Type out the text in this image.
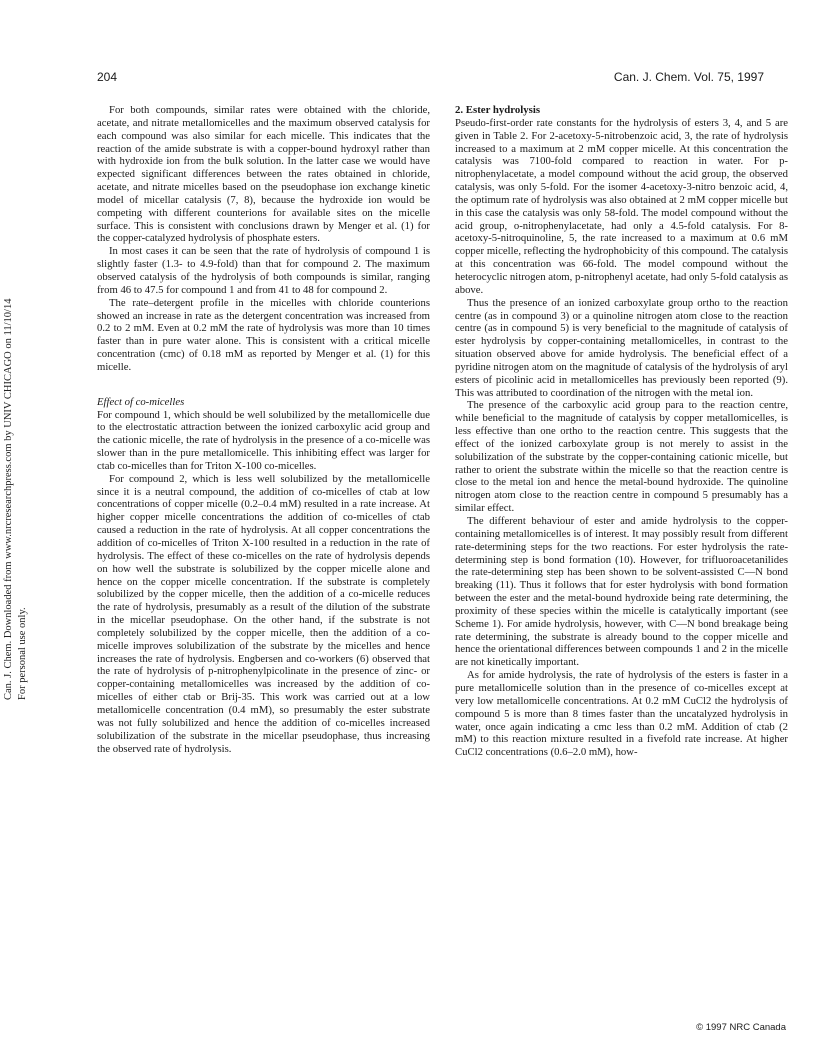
204	Can. J. Chem. Vol. 75, 1997
Can. J. Chem. Downloaded from www.nrcresearchpress.com by UNIV CHICAGO on 11/10/14 For personal use only.

For both compounds, similar rates were obtained with the chloride, acetate, and nitrate metallomicelles and the maximum observed catalysis for each compound was also similar for each micelle. This indicates that the reaction of the amide substrate is with a copper-bound hydroxyl rather than with hydroxide ion from the bulk solution. In the latter case we would have expected significant differences between the rates obtained in chloride, acetate, and nitrate micelles based on the pseudophase ion exchange kinetic model of micellar catalysis (7, 8), because the hydroxide ion would be competing with different counterions for available sites on the micelle surface. This is consistent with conclusions drawn by Menger et al. (1) for the copper-catalyzed hydrolysis of phosphate esters.

In most cases it can be seen that the rate of hydrolysis of compound 1 is slightly faster (1.3- to 4.9-fold) than that for compound 2. The maximum observed catalysis of the hydrolysis of both compounds is similar, ranging from 46 to 47.5 for compound 1 and from 41 to 48 for compound 2.

The rate–detergent profile in the micelles with chloride counterions showed an increase in rate as the detergent concentration was increased from 0.2 to 2 mM. Even at 0.2 mM the rate of hydrolysis was more than 10 times faster than in pure water alone. This is consistent with a critical micelle concentration (cmc) of 0.18 mM as reported by Menger et al. (1) for this micelle.

Effect of co-micelles

For compound 1, which should be well solubilized by the metallomicelle due to the electrostatic attraction between the ionized carboxylic acid group and the cationic micelle, the rate of hydrolysis in the presence of a co-micelle was slower than in the pure metallomicelle. This inhibiting effect was larger for ctab co-micelles than for Triton X-100 co-micelles.

For compound 2, which is less well solubilized by the metallomicelle since it is a neutral compound, the addition of co-micelles of ctab at low concentrations of copper micelle (0.2–0.4 mM) resulted in a rate increase. At higher copper micelle concentrations the addition of co-micelles of ctab caused a reduction in the rate of hydrolysis. At all copper concentrations the addition of co-micelles of Triton X-100 resulted in a reduction in the rate of hydrolysis. The effect of these co-micelles on the rate of hydrolysis depends on how well the substrate is solubilized by the copper micelle alone and hence on the copper micelle concentration. If the substrate is completely solubilized by the copper micelle, then the addition of a co-micelle reduces the rate of hydrolysis, presumably as a result of the dilution of the substrate in the micellar pseudophase. On the other hand, if the substrate is not completely solubilized by the copper micelle, then the addition of a co-micelle improves solubilization of the substrate by the micelles and hence increases the rate of hydrolysis. Engbersen and co-workers (6) observed that the rate of hydrolysis of p-nitrophenylpicolinate in the presence of zinc- or copper-containing metallomicelles was increased by the addition of co-micelles of either ctab or Brij-35. This work was carried out at a low metallomicelle concentration (0.4 mM), so presumably the ester substrate was not fully solubilized and hence the addition of co-micelles increased solubilization of the substrate in the micellar pseudophase, thus increasing the observed rate of hydrolysis.

2. Ester hydrolysis

Pseudo-first-order rate constants for the hydrolysis of esters 3, 4, and 5 are given in Table 2. For 2-acetoxy-5-nitrobenzoic acid, 3, the rate of hydrolysis increased to a maximum at 2 mM copper micelle. At this concentration the catalysis was 7100-fold compared to reaction in water. For p-nitrophenylacetate, a model compound without the acid group, the observed catalysis, was only 5-fold. For the isomer 4-acetoxy-3-nitro benzoic acid, 4, the optimum rate of hydrolysis was also obtained at 2 mM copper micelle but in this case the catalysis was only 58-fold. The model compound without the acid group, o-nitrophenylacetate, had only a 4.5-fold catalysis. For 8-acetoxy-5-nitroquinoline, 5, the rate increased to a maximum at 0.6 mM copper micelle, reflecting the hydrophobicity of this compound. The catalysis at this concentration was 66-fold. The model compound without the heterocyclic nitrogen atom, p-nitrophenyl acetate, had only 5-fold catalysis as above.

Thus the presence of an ionized carboxylate group ortho to the reaction centre (as in compound 3) or a quinoline nitrogen atom close to the reaction centre (as in compound 5) is very beneficial to the magnitude of catalysis of ester hydrolysis by copper-containing metallomicelles, in contrast to the situation observed above for amide hydrolysis. The beneficial effect of a pyridine nitrogen atom on the magnitude of catalysis of the hydrolysis of aryl esters of picolinic acid in metallomicelles has previously been reported (9). This was attributed to coordination of the nitrogen with the metal ion.

The presence of the carboxylic acid group para to the reaction centre, while beneficial to the magnitude of catalysis by copper metallomicelles, is less effective than one ortho to the reaction centre. This suggests that the effect of the ionized carboxylate group is not merely to assist in the solubilization of the substrate by the copper-containing cationic micelle, but rather to orient the substrate within the micelle so that the reaction centre is close to the metal ion and hence the metal-bound hydroxide. The quinoline nitrogen atom close to the reaction centre in compound 5 presumably has a similar effect.

The different behaviour of ester and amide hydrolysis to the copper-containing metallomicelles is of interest. It may possibly result from different rate-determining steps for the two reactions. For ester hydrolysis the rate-determining step is bond formation (10). However, for trifluoroacetanilides the rate-determining step has been shown to be solvent-assisted C—N bond breaking (11). Thus it follows that for ester hydrolysis with bond formation between the ester and the metal-bound hydroxide being rate determining, the proximity of these species within the micelle is catalytically important (see Scheme 1). For amide hydrolysis, however, with C—N bond breakage being rate determining, the substrate is already bound to the copper micelle and hence the orientational differences between compounds 1 and 2 in the micelle are not kinetically important.

As for amide hydrolysis, the rate of hydrolysis of the esters is faster in a pure metallomicelle solution than in the presence of co-micelles except at very low metallomicelle concentrations. At 0.2 mM CuCl2 the hydrolysis of compound 5 is more than 8 times faster than the uncatalyzed hydrolysis in water, once again indicating a cmc less than 0.2 mM. Addition of ctab (2 mM) to this reaction mixture resulted in a fivefold rate increase. At higher CuCl2 concentrations (0.6–2.0 mM), how-

© 1997 NRC Canada
